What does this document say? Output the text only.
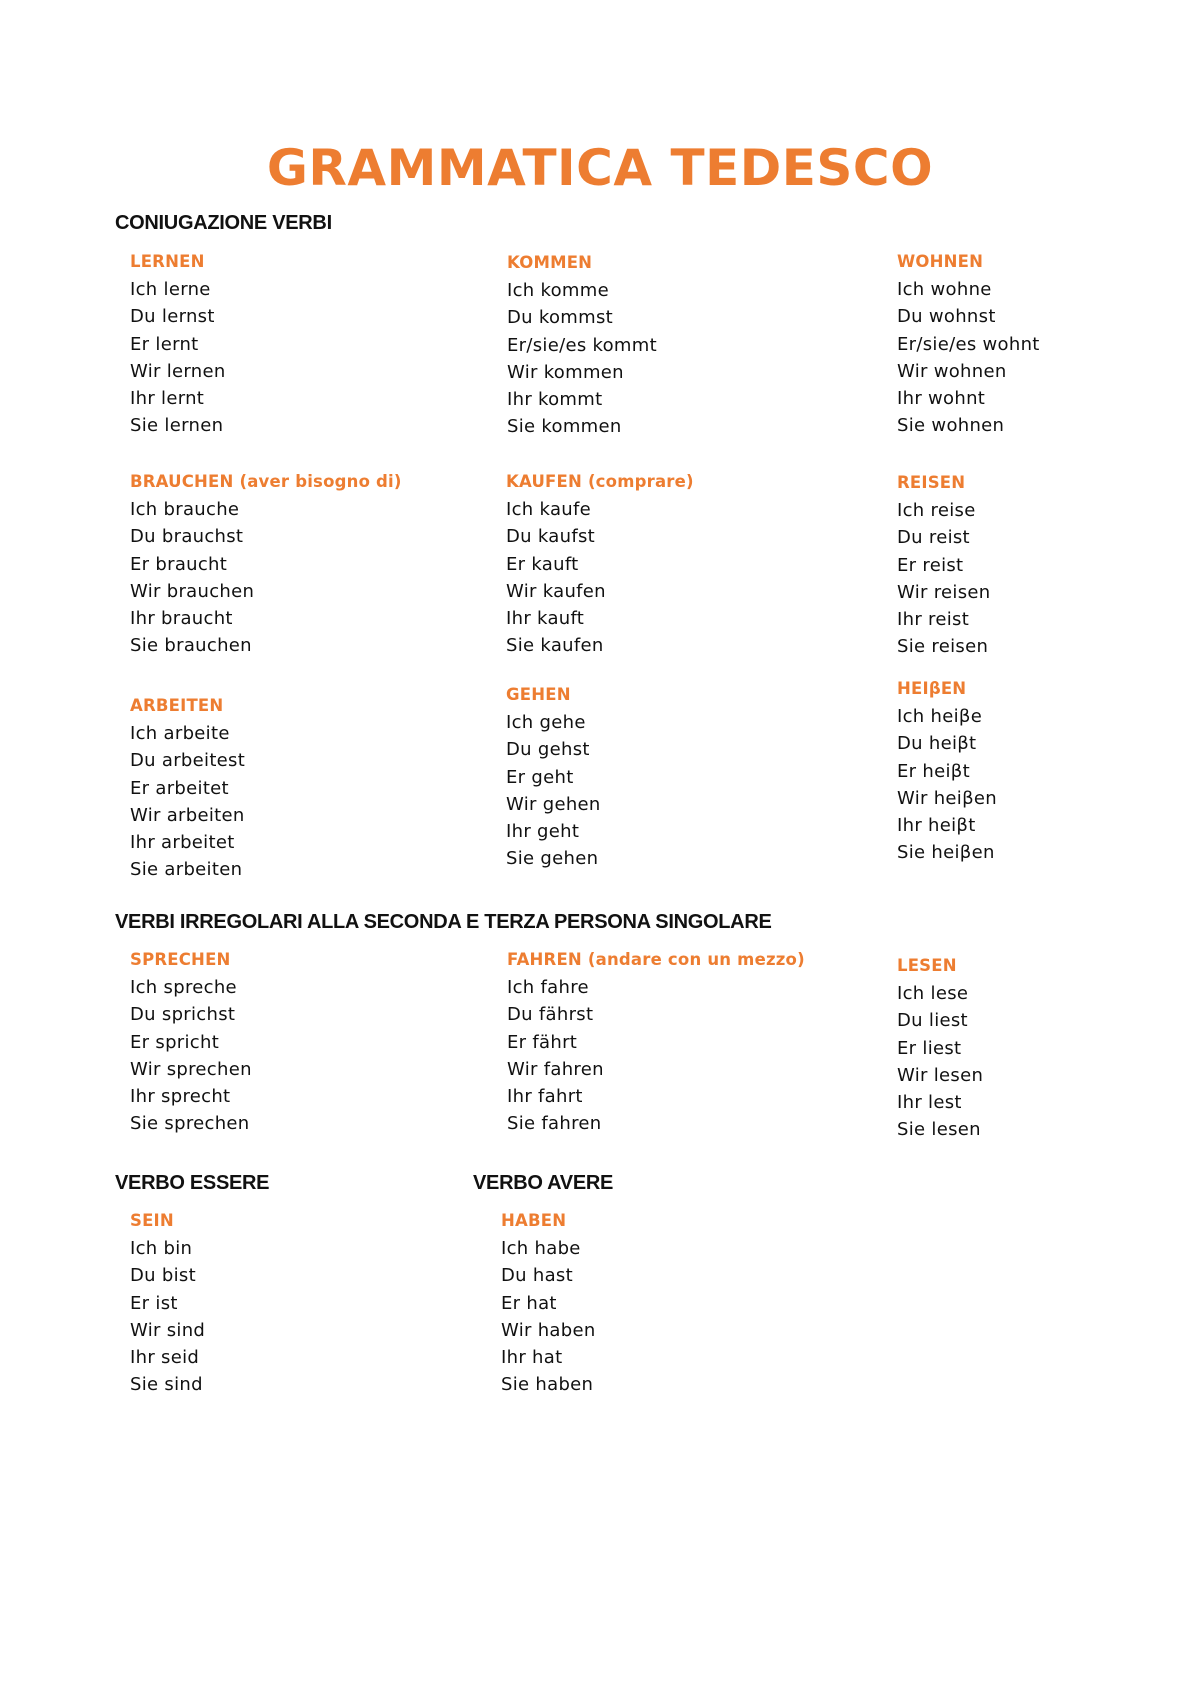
GRAMMATICA TEDESCO
CONIUGAZIONE VERBI
LERNEN
Ich lerne
Du lernst
Er lernt
Wir lernen
Ihr lernt
Sie lernen
KOMMEN
Ich komme
Du kommst
Er/sie/es kommt
Wir kommen
Ihr kommt
Sie kommen
WOHNEN
Ich wohne
Du wohnst
Er/sie/es wohnt
Wir wohnen
Ihr wohnt
Sie wohnen
BRAUCHEN (aver bisogno di)
Ich brauche
Du brauchst
Er braucht
Wir brauchen
Ihr braucht
Sie brauchen
KAUFEN (comprare)
Ich kaufe
Du kaufst
Er kauft
Wir kaufen
Ihr kauft
Sie kaufen
REISEN
Ich reise
Du reist
Er reist
Wir reisen
Ihr reist
Sie reisen
ARBEITEN
Ich arbeite
Du arbeitest
Er arbeitet
Wir arbeiten
Ihr arbeitet
Sie arbeiten
GEHEN
Ich gehe
Du gehst
Er geht
Wir gehen
Ihr geht
Sie gehen
HEIβEN
Ich heiβe
Du heiβt
Er heiβt
Wir heiβen
Ihr heiβt
Sie heiβen
VERBI IRREGOLARI ALLA SECONDA E TERZA PERSONA SINGOLARE
SPRECHEN
Ich spreche
Du sprichst
Er spricht
Wir sprechen
Ihr sprecht
Sie sprechen
FAHREN (andare con un mezzo)
Ich fahre
Du fährst
Er fährt
Wir fahren
Ihr fahrt
Sie fahren
LESEN
Ich lese
Du liest
Er liest
Wir lesen
Ihr lest
Sie lesen
VERBO ESSERE	VERBO AVERE
SEIN
Ich bin
Du bist
Er ist
Wir sind
Ihr seid
Sie sind
HABEN
Ich habe
Du hast
Er hat
Wir haben
Ihr hat
Sie haben
